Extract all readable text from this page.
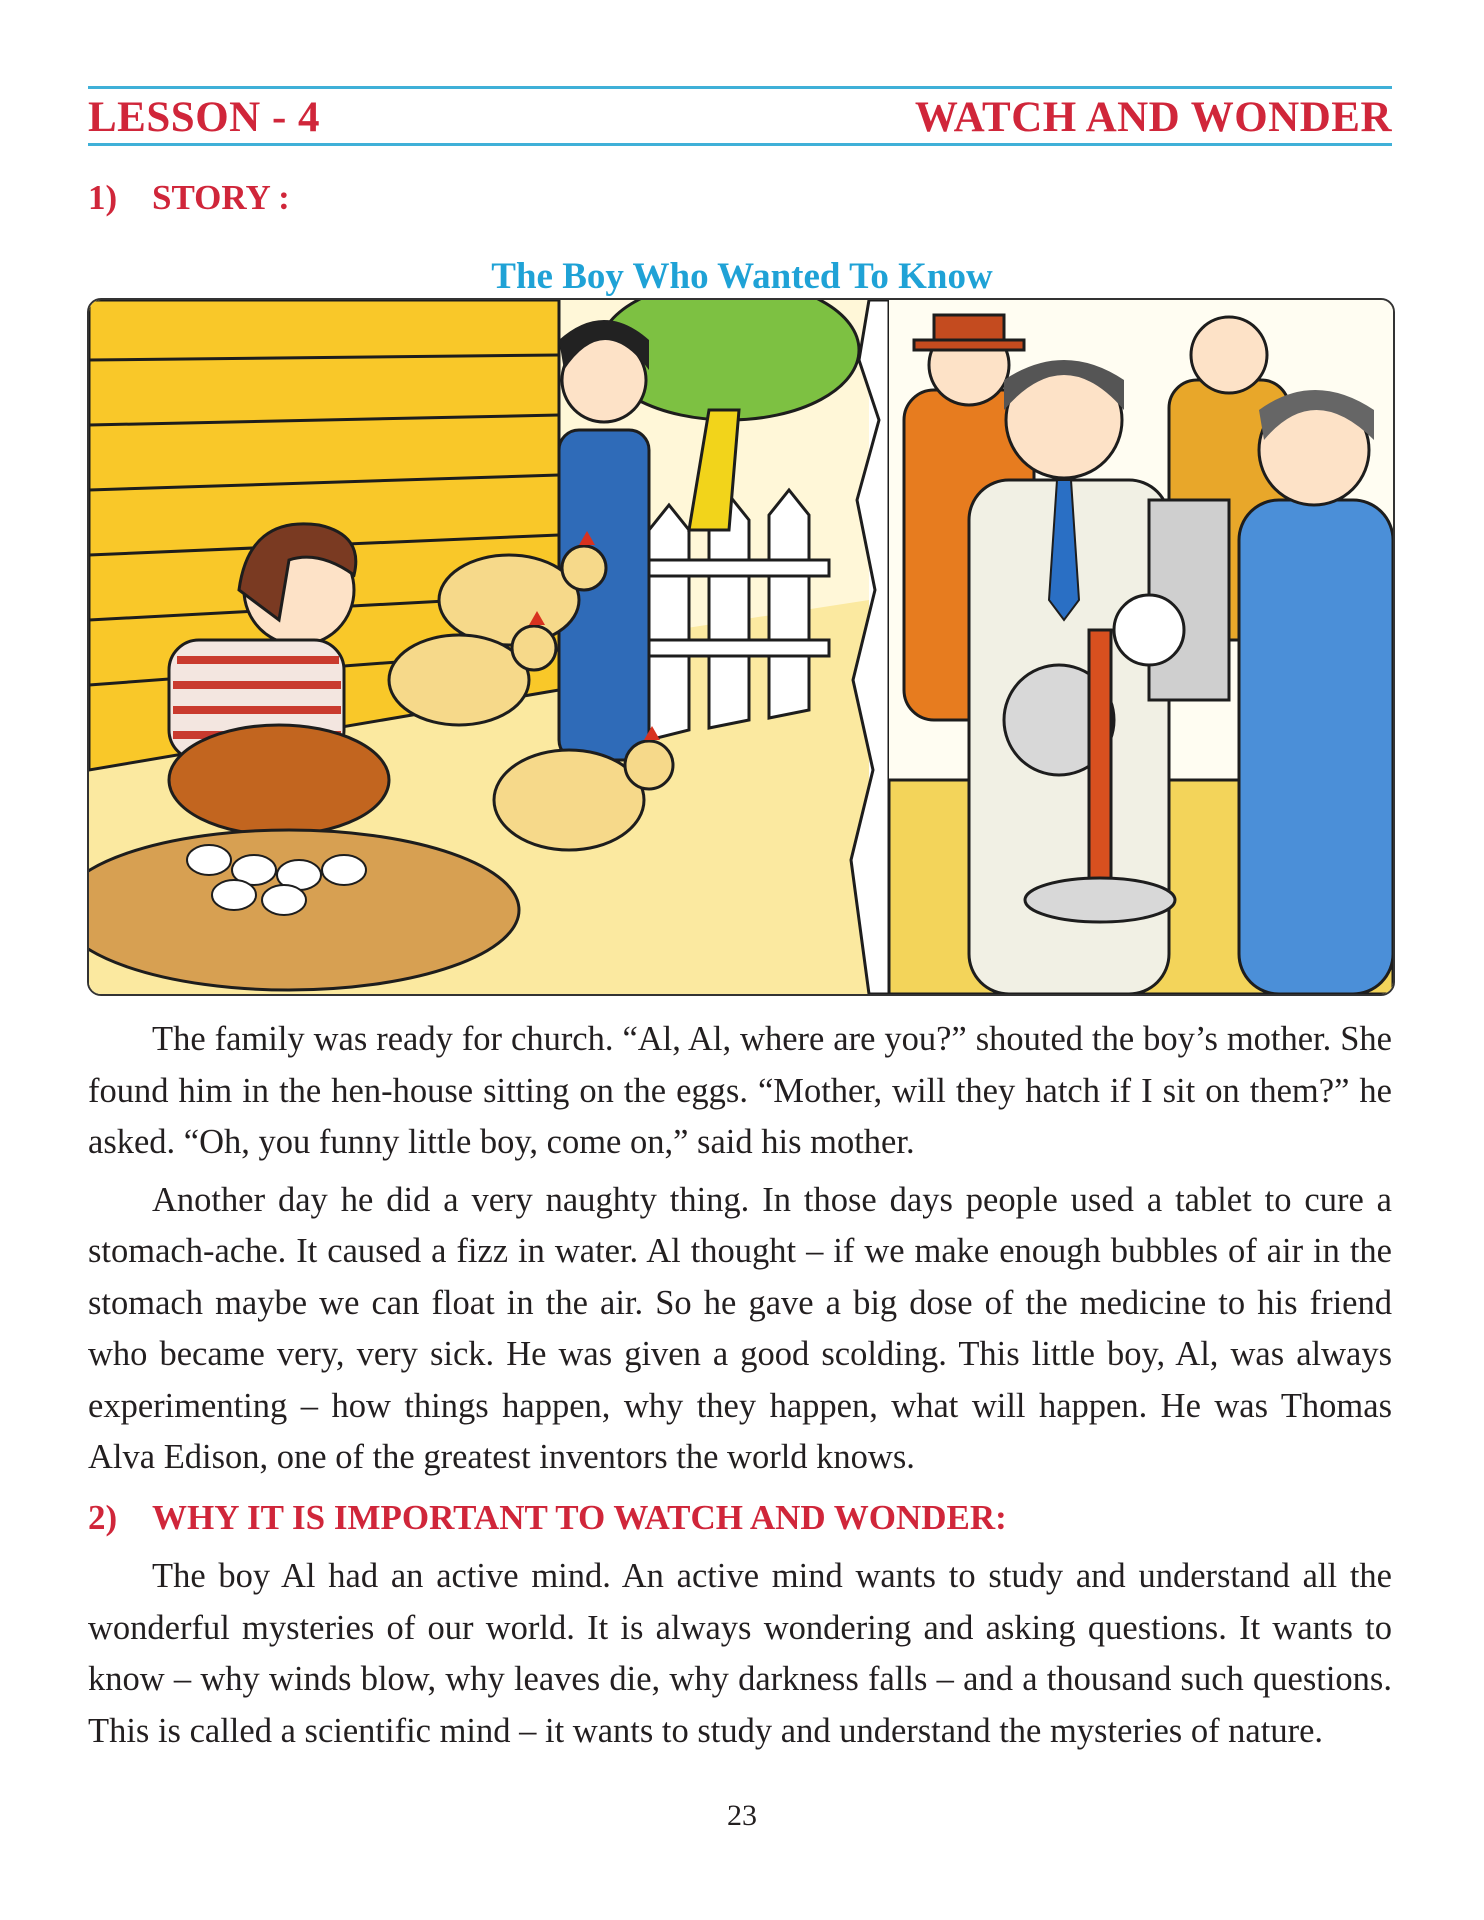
LESSON - 4	WATCH AND WONDER
1) STORY :
The Boy Who Wanted To Know

The family was ready for church. “Al, Al, where are you?” shouted the boy’s mother. She found him in the hen-house sitting on the eggs. “Mother, will they hatch if I sit on them?” he asked. “Oh, you funny little boy, come on,” said his mother.

Another day he did a very naughty thing. In those days people used a tablet to cure a stomach-ache. It caused a fizz in water. Al thought – if we make enough bubbles of air in the stomach maybe we can float in the air. So he gave a big dose of the medicine to his friend who became very, very sick. He was given a good scolding. This little boy, Al, was always experimenting – how things happen, why they happen, what will happen. He was Thomas Alva Edison, one of the greatest inventors the world knows.

2) WHY IT IS IMPORTANT TO WATCH AND WONDER:

The boy Al had an active mind. An active mind wants to study and understand all the wonderful mysteries of our world. It is always wondering and asking questions. It wants to know – why winds blow, why leaves die, why darkness falls – and a thousand such questions. This is called a scientific mind – it wants to study and understand the mysteries of nature.

23
